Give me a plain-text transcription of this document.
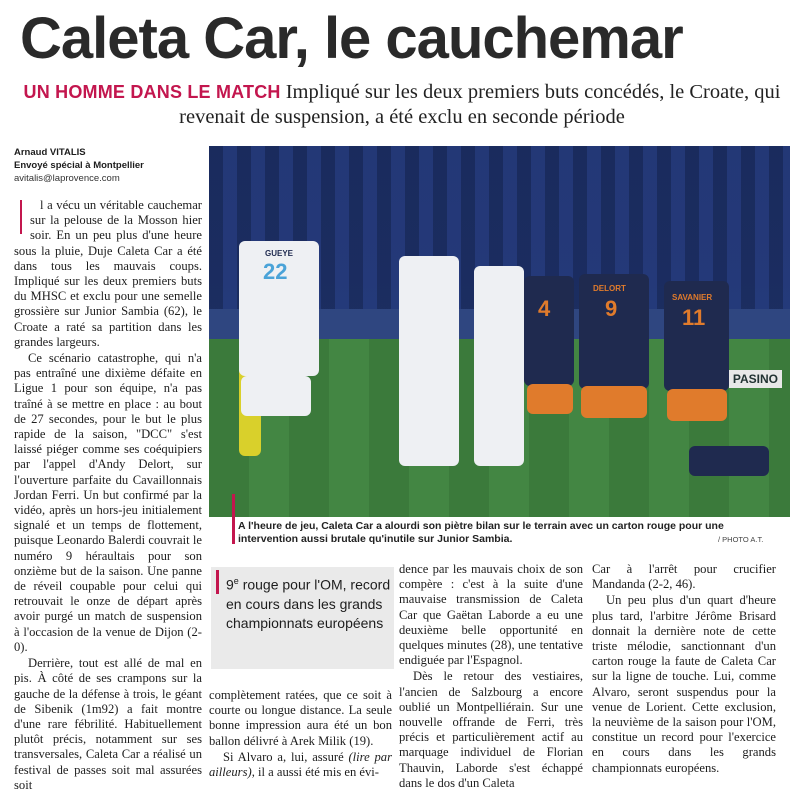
Caleta Car, le cauchemar
UN HOMME DANS LE MATCH Impliqué sur les deux premiers buts concédés, le Croate, qui revenait de suspension, a été exclu en seconde période
Arnaud VITALIS
Envoyé spécial à Montpellier
avitalis@laprovence.com

l a vécu un véritable cauchemar sur la pelouse de la Mosson hier soir. En un peu plus d'une heure sous la pluie, Duje Caleta Car a été dans tous les mauvais coups. Impliqué sur les deux premiers buts du MHSC et exclu pour une semelle grossière sur Junior Sambia (62), le Croate a raté sa partition dans les grandes largeurs.

Ce scénario catastrophe, qui n'a pas entraîné une dixième défaite en Ligue 1 pour son équipe, n'a pas traîné à se mettre en place : au bout de 27 secondes, pour le but le plus rapide de la saison, "DCC" s'est laissé piéger comme ses coéquipiers par l'appel d'Andy Delort, sur l'ouverture parfaite du Cavaillonnais Jordan Ferri. Un but confirmé par la vidéo, après un hors-jeu initialement signalé et un temps de flottement, puisque Leonardo Balerdi couvrait le numéro 9 héraultais pour son onzième but de la saison. Une panne de réveil coupable pour celui qui retrouvait le onze de départ après avoir purgé un match de suspension à l'occasion de la venue de Dijon (2-0).

Derrière, tout est allé de mal en pis. À côté de ses crampons sur la gauche de la défense à trois, le géant de Sibenik (1m92) a fait montre d'une rare fébrilité. Habituellement plutôt précis, notamment sur ses transversales, Caleta Car a réalisé un festival de passes soit mal assurées soit

PASINO
GUEYE
22
4
DELORT
9	SAVANIER
11
A l'heure de jeu, Caleta Car a alourdi son piètre bilan sur le terrain avec un carton rouge pour une intervention aussi brutale qu'inutile sur Junior Sambia.	/ PHOTO A.T.
9e rouge pour l'OM, record en cours dans les grands championnats européens

complètement ratées, que ce soit à courte ou longue distance. La seule bonne impression aura été un bon ballon délivré à Arek Milik (19).

Si Alvaro a, lui, assuré (lire par ailleurs), il a aussi été mis en évi-

dence par les mauvais choix de son compère : c'est à la suite d'une mauvaise transmission de Caleta Car que Gaëtan Laborde a eu une deuxième belle opportunité en quelques minutes (28), une tentative endiguée par l'Espagnol.

Dès le retour des vestiaires, l'ancien de Salzbourg a encore oublié un Montpelliérain. Sur une nouvelle offrande de Ferri, très précis et particulièrement actif au marquage individuel de Florian Thauvin, Laborde s'est échappé dans le dos d'un Caleta

Car à l'arrêt pour crucifier Mandanda (2-2, 46).

Un peu plus d'un quart d'heure plus tard, l'arbitre Jérôme Brisard donnait la dernière note de cette triste mélodie, sanctionnant d'un carton rouge la faute de Caleta Car sur la ligne de touche. Lui, comme Alvaro, seront suspendus pour la venue de Lorient. Cette exclusion, la neuvième de la saison pour l'OM, constitue un record pour l'exercice en cours dans les grands championnats européens.
